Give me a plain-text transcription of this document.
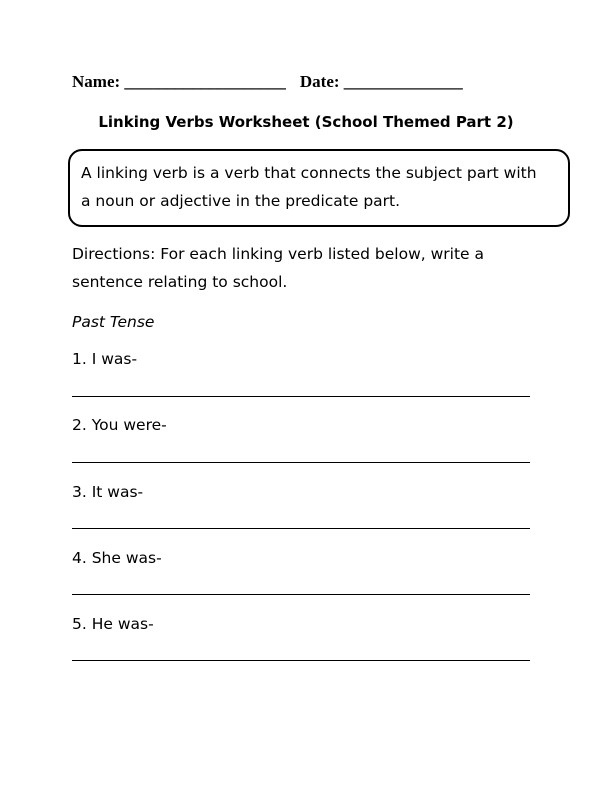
Name: ___________________ Date: ______________
Linking Verbs Worksheet (School Themed Part 2)
A linking verb is a verb that connects the subject part with
a noun or adjective in the predicate part.
Directions: For each linking verb listed below, write a
sentence relating to school.
Past Tense
1. I was-
2. You were-
3. It was-
4. She was-
5. He was-
